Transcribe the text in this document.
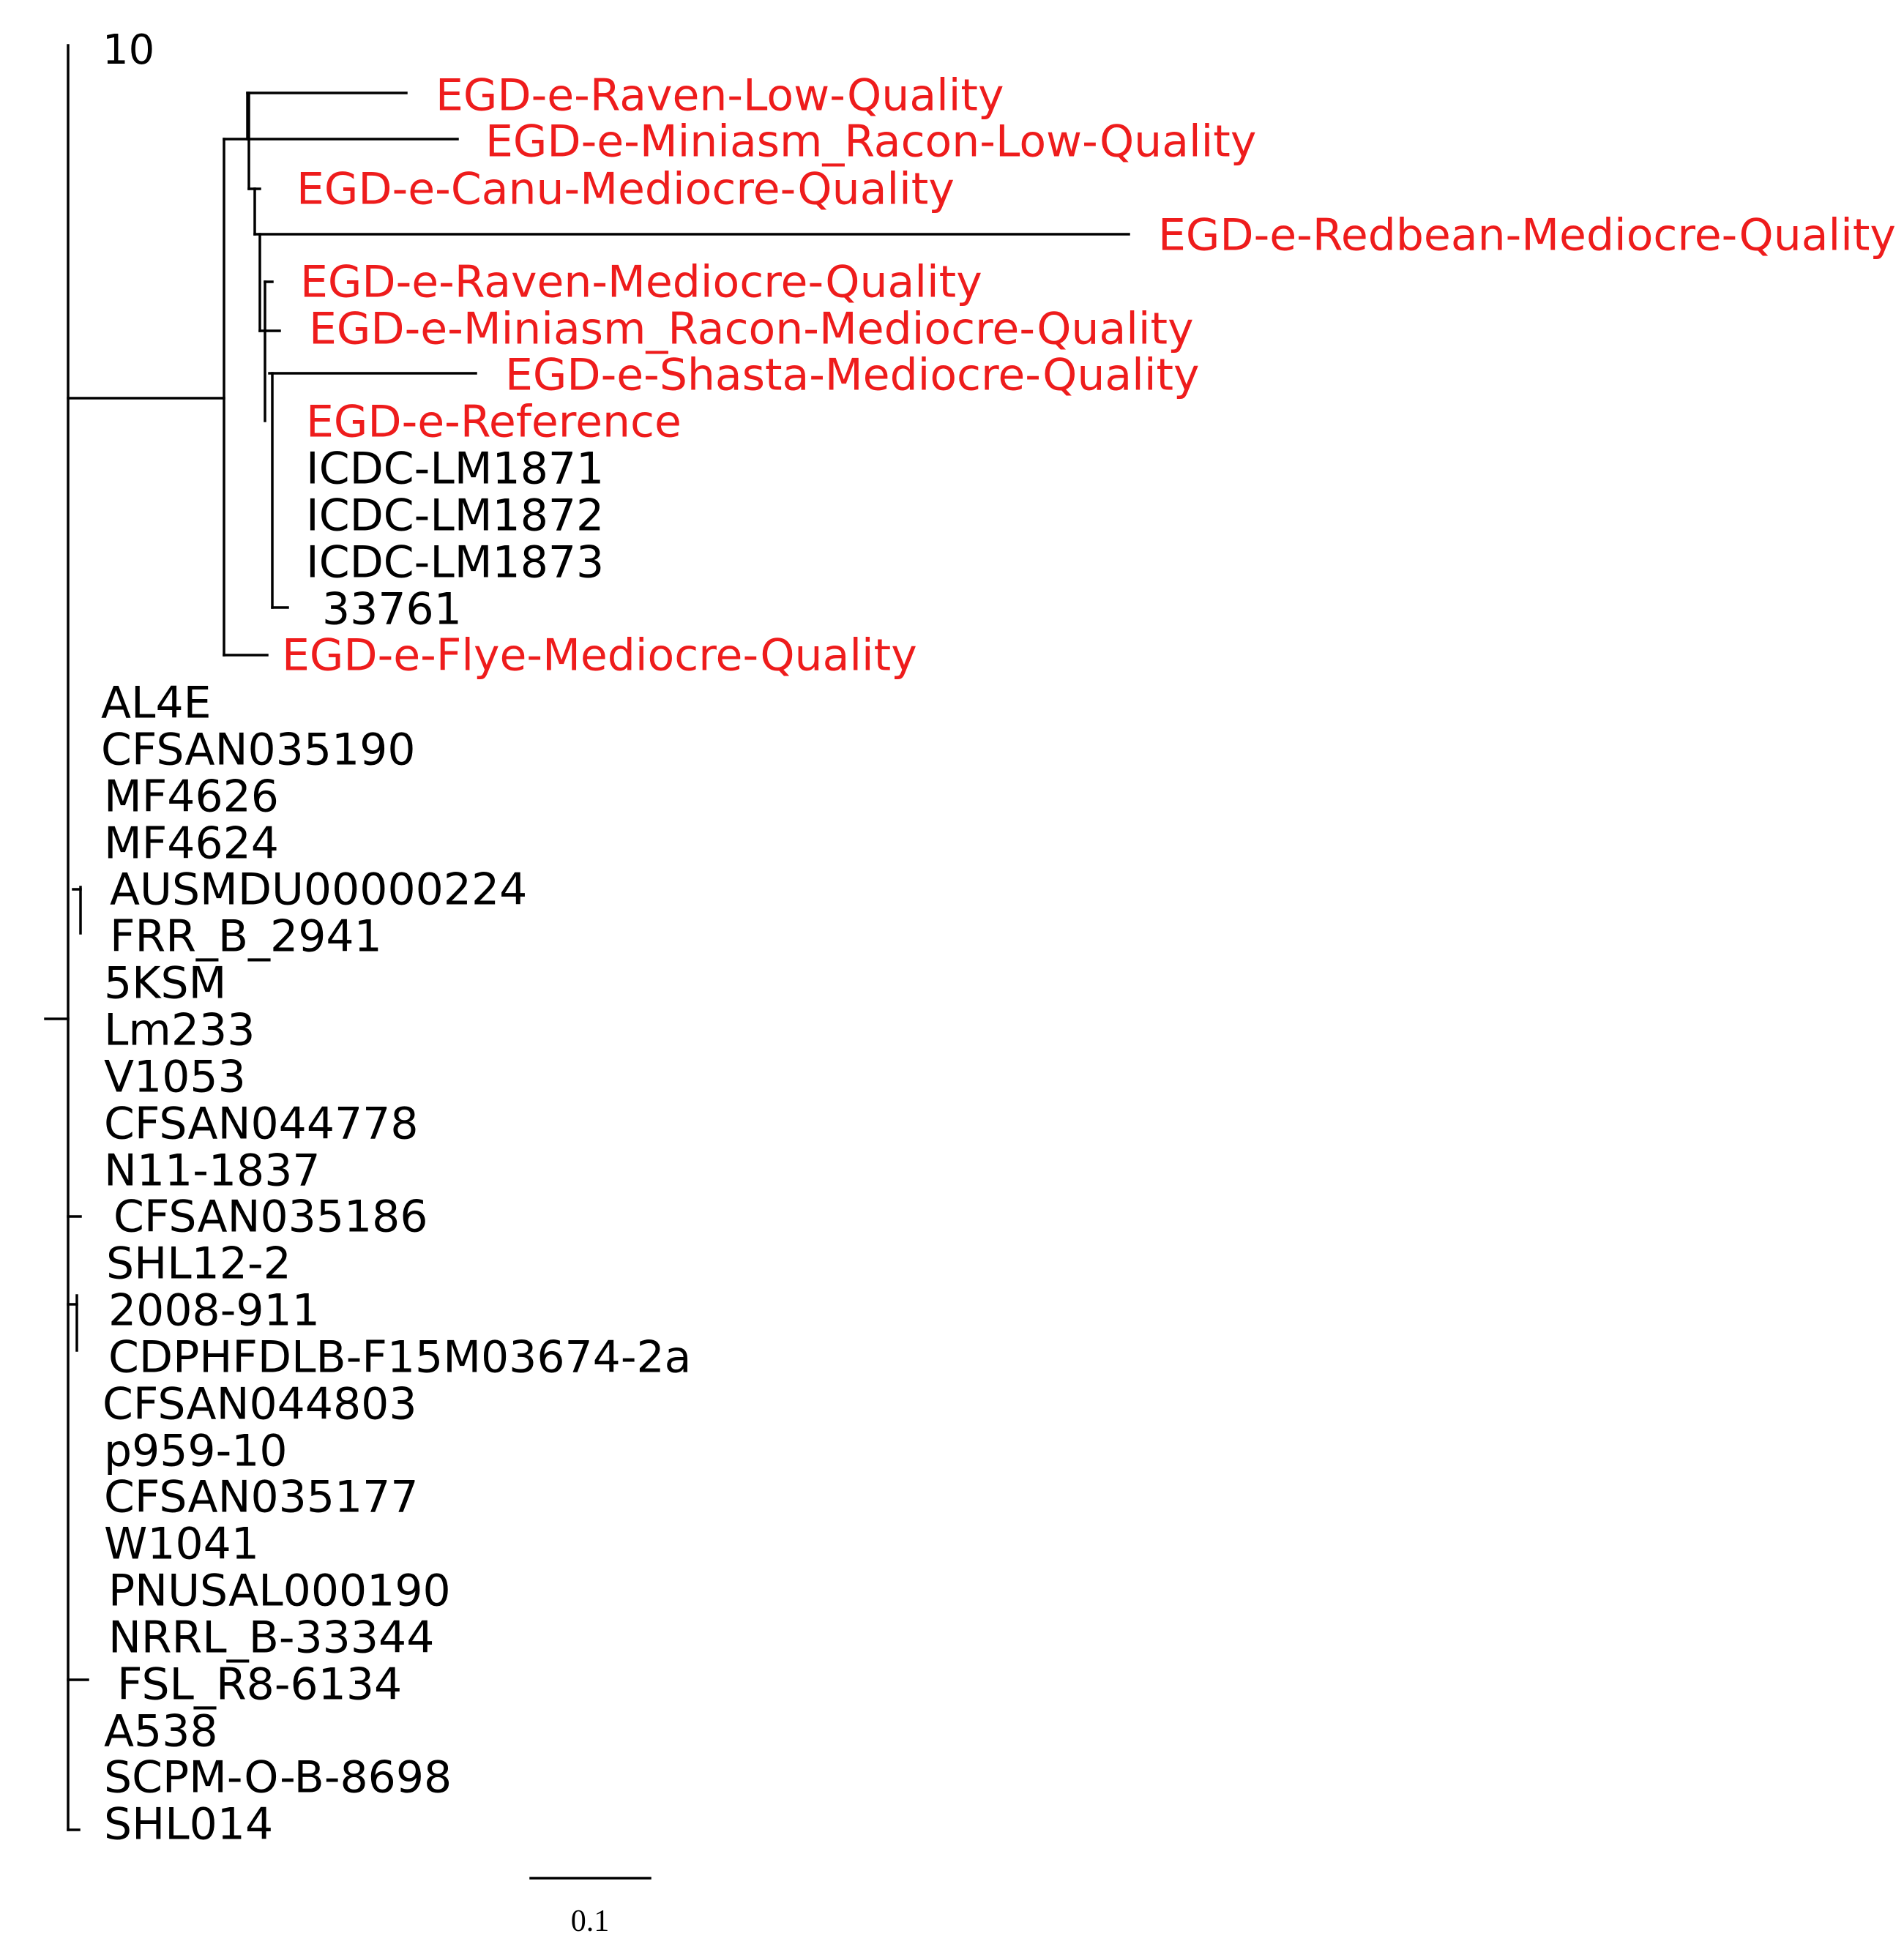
10
EGD-e-Raven-Low-Quality
EGD-e-Miniasm_Racon-Low-Quality
EGD-e-Canu-Mediocre-Quality
EGD-e-Redbean-Mediocre-Quality
EGD-e-Raven-Mediocre-Quality
EGD-e-Miniasm_Racon-Mediocre-Quality
EGD-e-Shasta-Mediocre-Quality
EGD-e-Reference
ICDC-LM1871
ICDC-LM1872
ICDC-LM1873
33761
EGD-e-Flye-Mediocre-Quality
AL4E
CFSAN035190
MF4626
MF4624
AUSMDU00000224
FRR_B_2941
5KSM
Lm233
V1053
CFSAN044778
N11-1837
CFSAN035186
SHL12-2
2008-911
CDPHFDLB-F15M03674-2a
CFSAN044803
p959-10
CFSAN035177
W1041
PNUSAL000190
NRRL_B-33344
FSL_R8-6134
A538
SCPM-O-B-8698
SHL014
0.1
